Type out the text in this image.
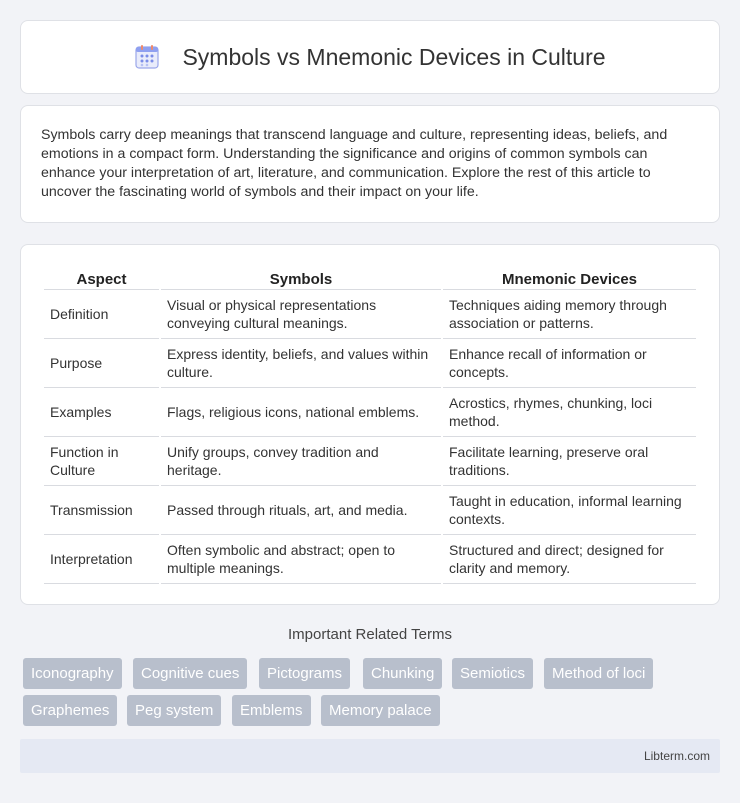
Symbols vs Mnemonic Devices in Culture

Symbols carry deep meanings that transcend language and culture, representing ideas, beliefs, and emotions in a compact form. Understanding the significance and origins of common symbols can enhance your interpretation of art, literature, and communication. Explore the rest of this article to uncover the fascinating world of symbols and their impact on your life.

Aspect	Symbols	Mnemonic Devices
Definition	Visual or physical representations conveying cultural meanings.	Techniques aiding memory through association or patterns.
Purpose	Express identity, beliefs, and values within culture.	Enhance recall of information or concepts.
Examples	Flags, religious icons, national emblems.	Acrostics, rhymes, chunking, loci method.
Function in Culture	Unify groups, convey tradition and heritage.	Facilitate learning, preserve oral traditions.
Transmission	Passed through rituals, art, and media.	Taught in education, informal learning contexts.
Interpretation	Often symbolic and abstract; open to multiple meanings.	Structured and direct; designed for clarity and memory.
Important Related Terms
Iconography	Cognitive cues	Pictograms	Chunking	Semiotics	Method of loci
Graphemes	Peg system	Emblems	Memory palace
Libterm.com
